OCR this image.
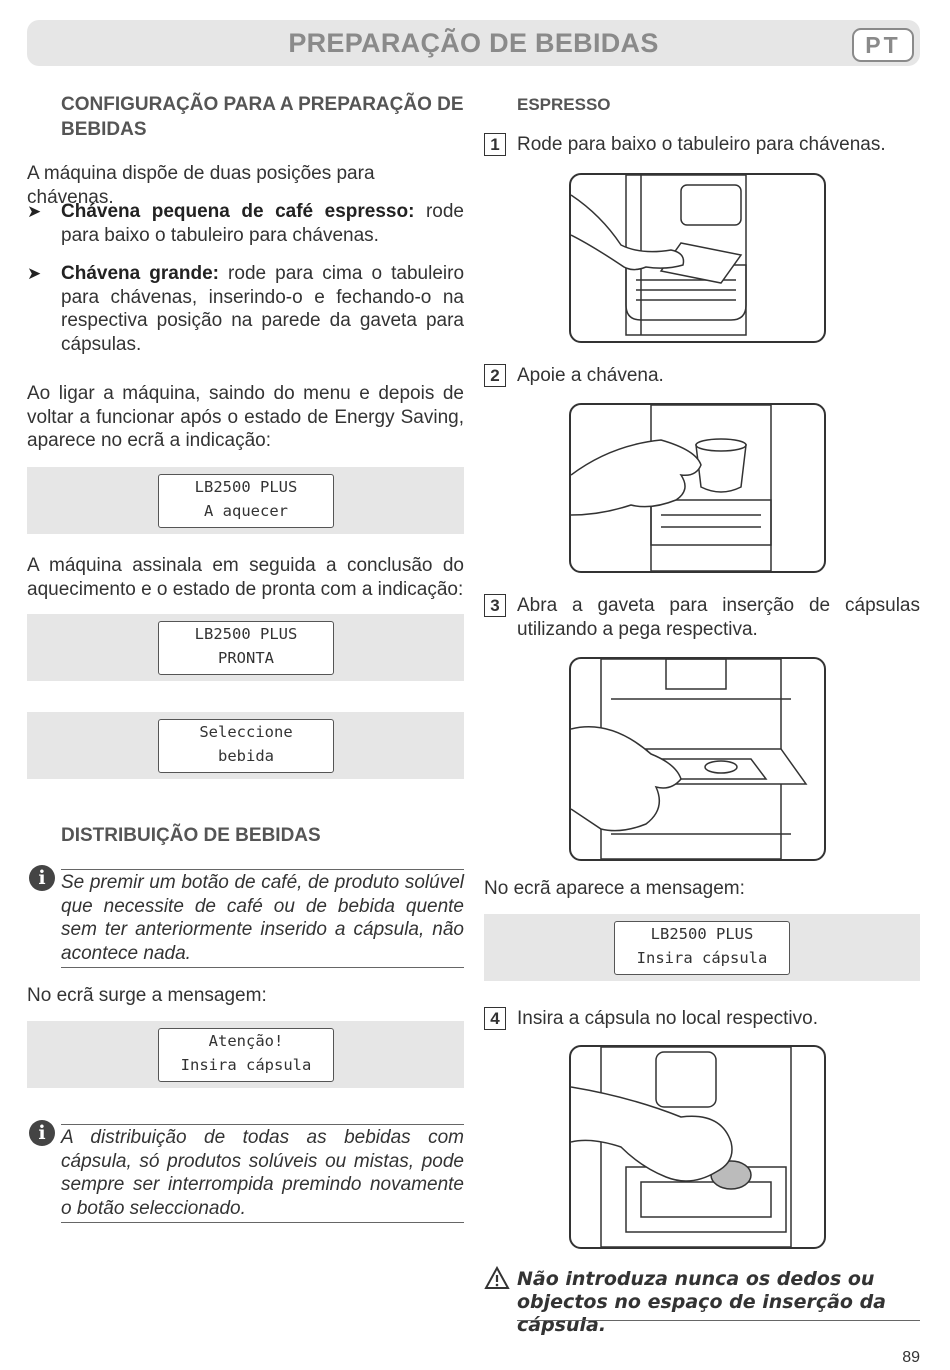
PREPARAÇÃO DE BEBIDAS	PT
CONFIGURAÇÃO PARA A PREPARAÇÃO DE BEBIDAS
A máquina dispõe de duas posições para chávenas.
➤ Chávena pequena de café espresso: rode para baixo o tabuleiro para chávenas.
➤ Chávena grande: rode para cima o tabuleiro para chávenas, inserindo-o e fechando-o na respectiva posição na parede da gaveta para cápsulas.
Ao ligar a máquina, saindo do menu e depois de voltar a funcionar após o estado de Energy Saving, aparece no ecrã a indicação:
LB2500 PLUS
A aquecer
A máquina assinala em seguida a conclusão do aquecimento e o estado de pronta com a indicação:
LB2500 PLUS
PRONTA
Seleccione
bebida
DISTRIBUIÇÃO DE BEBIDAS
i Se premir um botão de café, de produto solúvel que necessite de café ou de bebida quente sem ter anteriormente inserido a cápsula, não acontece nada.
No ecrã surge a mensagem:
Atenção!
Insira cápsula
i A distribuição de todas as bebidas com cápsula, só produtos solúveis ou mistas, pode sempre ser interrompida premindo novamente o botão seleccionado.
ESPRESSO
1 Rode para baixo o tabuleiro para chávenas.
2 Apoie a chávena.
3 Abra a gaveta para inserção de cápsulas utilizando a pega respectiva.
No ecrã aparece a mensagem:
LB2500 PLUS
Insira cápsula
4 Insira a cápsula no local respectivo.
Não introduza nunca os dedos ou objectos no espaço de inserção da cápsula.
89
